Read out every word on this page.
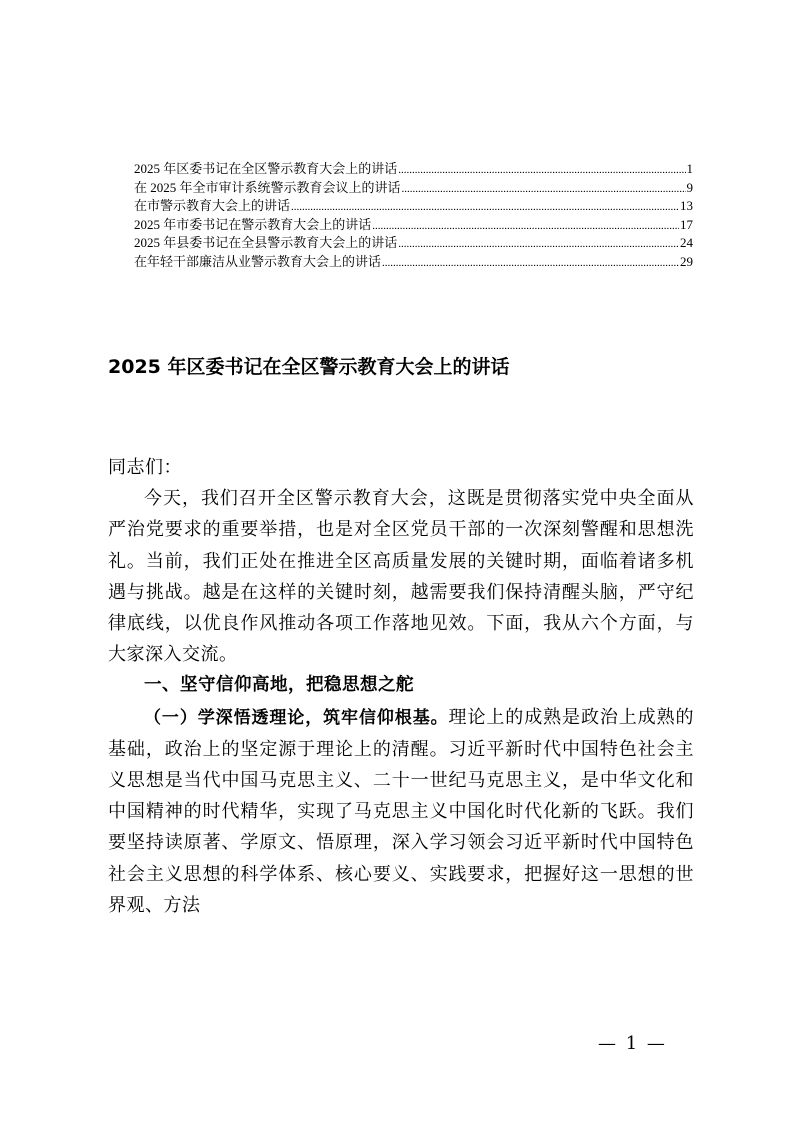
2025 年区委书记在全区警示教育大会上的讲话 .....	1
在 2025 年全市审计系统警示教育会议上的讲话 .....	9
在市警示教育大会上的讲话 .....	13
2025 年市委书记在警示教育大会上的讲话 .....	17
2025 年县委书记在全县警示教育大会上的讲话 .....	24
在年轻干部廉洁从业警示教育大会上的讲话 .....	29
2025 年区委书记在全区警示教育大会上的讲话

同志们：

今天，我们召开全区警示教育大会，这既是贯彻落实党中央全面从严治党要求的重要举措，也是对全区党员干部的一次深刻警醒和思想洗礼。当前，我们正处在推进全区高质量发展的关键时期，面临着诸多机遇与挑战。越是在这样的关键时刻，越需要我们保持清醒头脑，严守纪律底线，以优良作风推动各项工作落地见效。下面，我从六个方面，与大家深入交流。

一、坚守信仰高地，把稳思想之舵

（一）学深悟透理论，筑牢信仰根基。理论上的成熟是政治上成熟的基础，政治上的坚定源于理论上的清醒。习近平新时代中国特色社会主义思想是当代中国马克思主义、二十一世纪马克思主义，是中华文化和中国精神的时代精华，实现了马克思主义中国化时代化新的飞跃。我们要坚持读原著、学原文、悟原理，深入学习领会习近平新时代中国特色社会主义思想的科学体系、核心要义、实践要求，把握好这一思想的世界观、方法

— 1 —
